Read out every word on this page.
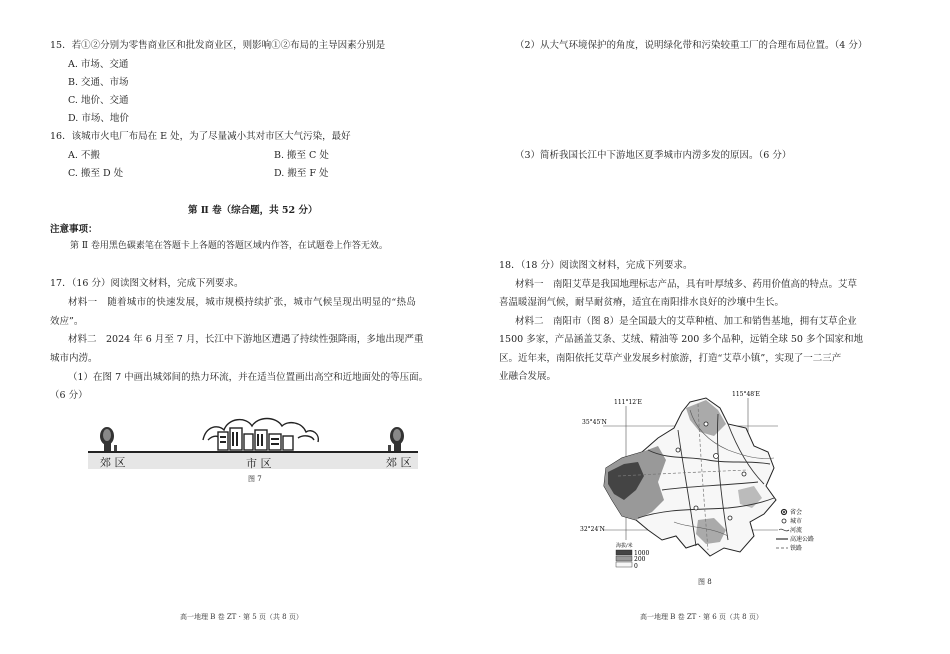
15．若①②分别为零售商业区和批发商业区，则影响①②布局的主导因素分别是
A. 市场、交通
B. 交通、市场
C. 地价、交通
D. 市场、地价
16．该城市火电厂布局在 E 处，为了尽量减小其对市区大气污染，最好
A. 不搬	B. 搬至 C 处
C. 搬至 D 处	D. 搬至 F 处
第 Ⅱ 卷（综合题，共 52 分）
注意事项：
第 Ⅱ 卷用黑色碳素笔在答题卡上各题的答题区域内作答，在试题卷上作答无效。
17．（16 分）阅读图文材料，完成下列要求。
材料一　随着城市的快速发展，城市规模持续扩张，城市气候呈现出明显的“热岛
效应”。
材料二　2024 年 6 月至 7 月，长江中下游地区遭遇了持续性强降雨，多地出现严重
城市内涝。
（1）在图 7 中画出城郊间的热力环流，并在适当位置画出高空和近地面处的等压面。
（6 分）
郊 区	市 区	郊 区
图 7
高一地理 B 卷 ZT · 第 5 页（共 8 页）
（2）从大气环境保护的角度，说明绿化带和污染较重工厂的合理布局位置。（4 分）
（3）简析我国长江中下游地区夏季城市内涝多发的原因。（6 分）
18．（18 分）阅读图文材料，完成下列要求。
材料一　南阳艾草是我国地理标志产品，具有叶厚绒多、药用价值高的特点。艾草
喜温暖湿润气候，耐旱耐贫瘠，适宜在南阳排水良好的沙壤中生长。
材料二　南阳市（图 8）是全国最大的艾草种植、加工和销售基地，拥有艾草企业
1500 多家，产品涵盖艾条、艾绒、精油等 200 多个品种，远销全球 50 多个国家和地
区。近年来，南阳依托艾草产业发展乡村旅游，打造“艾草小镇”，实现了一二三产
业融合发展。
111°12′E
115°48′E
35°45′N
32°24′N
省会
城市
河流
高速公路
铁路
海拔/米
1000
200
0
图 8
高一地理 B 卷 ZT · 第 6 页（共 8 页）
